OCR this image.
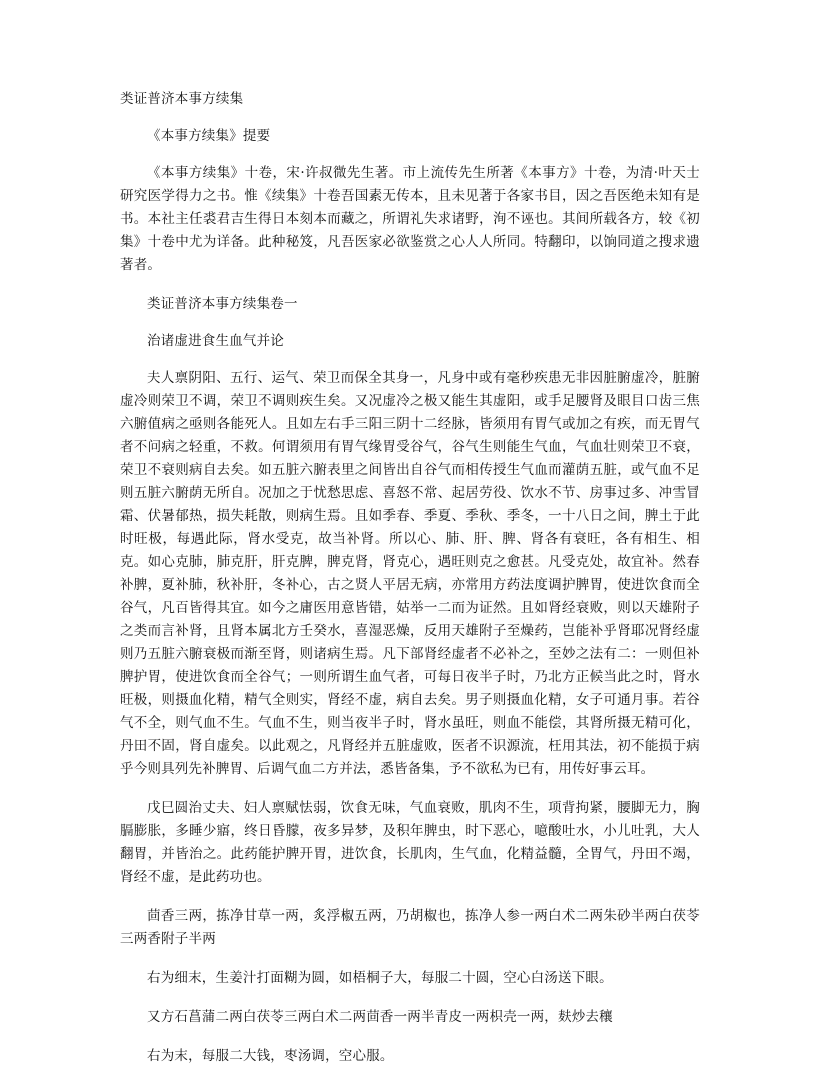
类证普济本事方续集

《本事方续集》提要

《本事方续集》十卷，宋·许叔微先生著。市上流传先生所著《本事方》十卷，为清·叶天士研究医学得力之书。惟《续集》十卷吾国素无传本，且未见著于各家书目，因之吾医绝未知有是书。本社主任裘君吉生得日本刻本而藏之，所谓礼失求诸野，洵不诬也。其间所载各方，较《初集》十卷中尤为详备。此种秘笈，凡吾医家必欲鉴赏之心人人所同。特翻印，以饷同道之搜求遗著者。

类证普济本事方续集卷一

治诸虚进食生血气并论

夫人禀阴阳、五行、运气、荣卫而保全其身一，凡身中或有毫秒疾患无非因脏腑虚冷，脏腑虚冷则荣卫不调，荣卫不调则疾生矣。又况虚冷之极又能生其虚阳，或手足腰肾及眼目口齿三焦六腑值病之亟则各能死人。且如左右手三阳三阴十二经脉，皆须用有胃气或加之有疾，而无胃气者不问病之轻重，不救。何谓须用有胃气缘胃受谷气，谷气生则能生气血，气血壮则荣卫不衰，荣卫不衰则病自去矣。如五脏六腑表里之间皆出自谷气而相传授生气血而灌荫五脏，或气血不足则五脏六腑荫无所自。况加之于忧愁思虑、喜怒不常、起居劳役、饮水不节、房事过多、冲雪冒霜、伏暑郁热，损失耗散，则病生焉。且如季春、季夏、季秋、季冬，一十八日之间，脾土于此时旺极，每遇此际，肾水受克，故当补肾。所以心、肺、肝、脾、肾各有衰旺，各有相生、相克。如心克肺，肺克肝，肝克脾，脾克肾，肾克心，遇旺则克之愈甚。凡受克处，故宜补。然春补脾，夏补肺，秋补肝，冬补心，古之贤人平居无病，亦常用方药法度调护脾胃，使进饮食而全谷气，凡百皆得其宜。如今之庸医用意皆错，姑举一二而为证然。且如肾经衰败，则以天雄附子之类而言补肾，且肾本属北方壬癸水，喜湿恶燥，反用天雄附子至燥药，岂能补乎肾耶况肾经虚则乃五脏六腑衰极而渐至肾，则诸病生焉。凡下部肾经虚者不必补之，至妙之法有二：一则但补脾护胃，使进饮食而全谷气；一则所谓生血气者，可每日夜半子时，乃北方正候当此之时，肾水旺极，则摄血化精，精气全则实，肾经不虚，病自去矣。男子则摄血化精，女子可通月事。若谷气不全，则气血不生。气血不生，则当夜半子时，肾水虽旺，则血不能偿，其肾所摄无精可化，丹田不固，肾自虚矣。以此观之，凡肾经并五脏虚败，医者不识源流，枉用其法，初不能损于病乎今则具列先补脾胃、后调气血二方并法，悉皆备集，予不欲私为已有，用传好事云耳。

戊巳圆治丈夫、妇人禀赋怯弱，饮食无味，气血衰败，肌肉不生，项背拘紧，腰脚无力，胸膈膨胀，多睡少寤，终日昏朦，夜多异梦，及积年脾虫，时下恶心，噫酸吐水，小儿吐乳，大人翻胃，并皆治之。此药能护脾开胃，进饮食，长肌肉，生气血，化精益髓，全胃气，丹田不竭，肾经不虚，是此药功也。

茴香三两，拣净甘草一两，炙浮椒五两，乃胡椒也，拣净人参一两白术二两朱砂半两白茯苓三两香附子半两

右为细末，生姜汁打面糊为圆，如梧桐子大，每服二十圆，空心白汤送下眼。

又方石菖蒲二两白茯苓三两白术二两茴香一两半青皮一两枳壳一两，麸炒去穰

右为末，每服二大钱，枣汤调，空心服。
